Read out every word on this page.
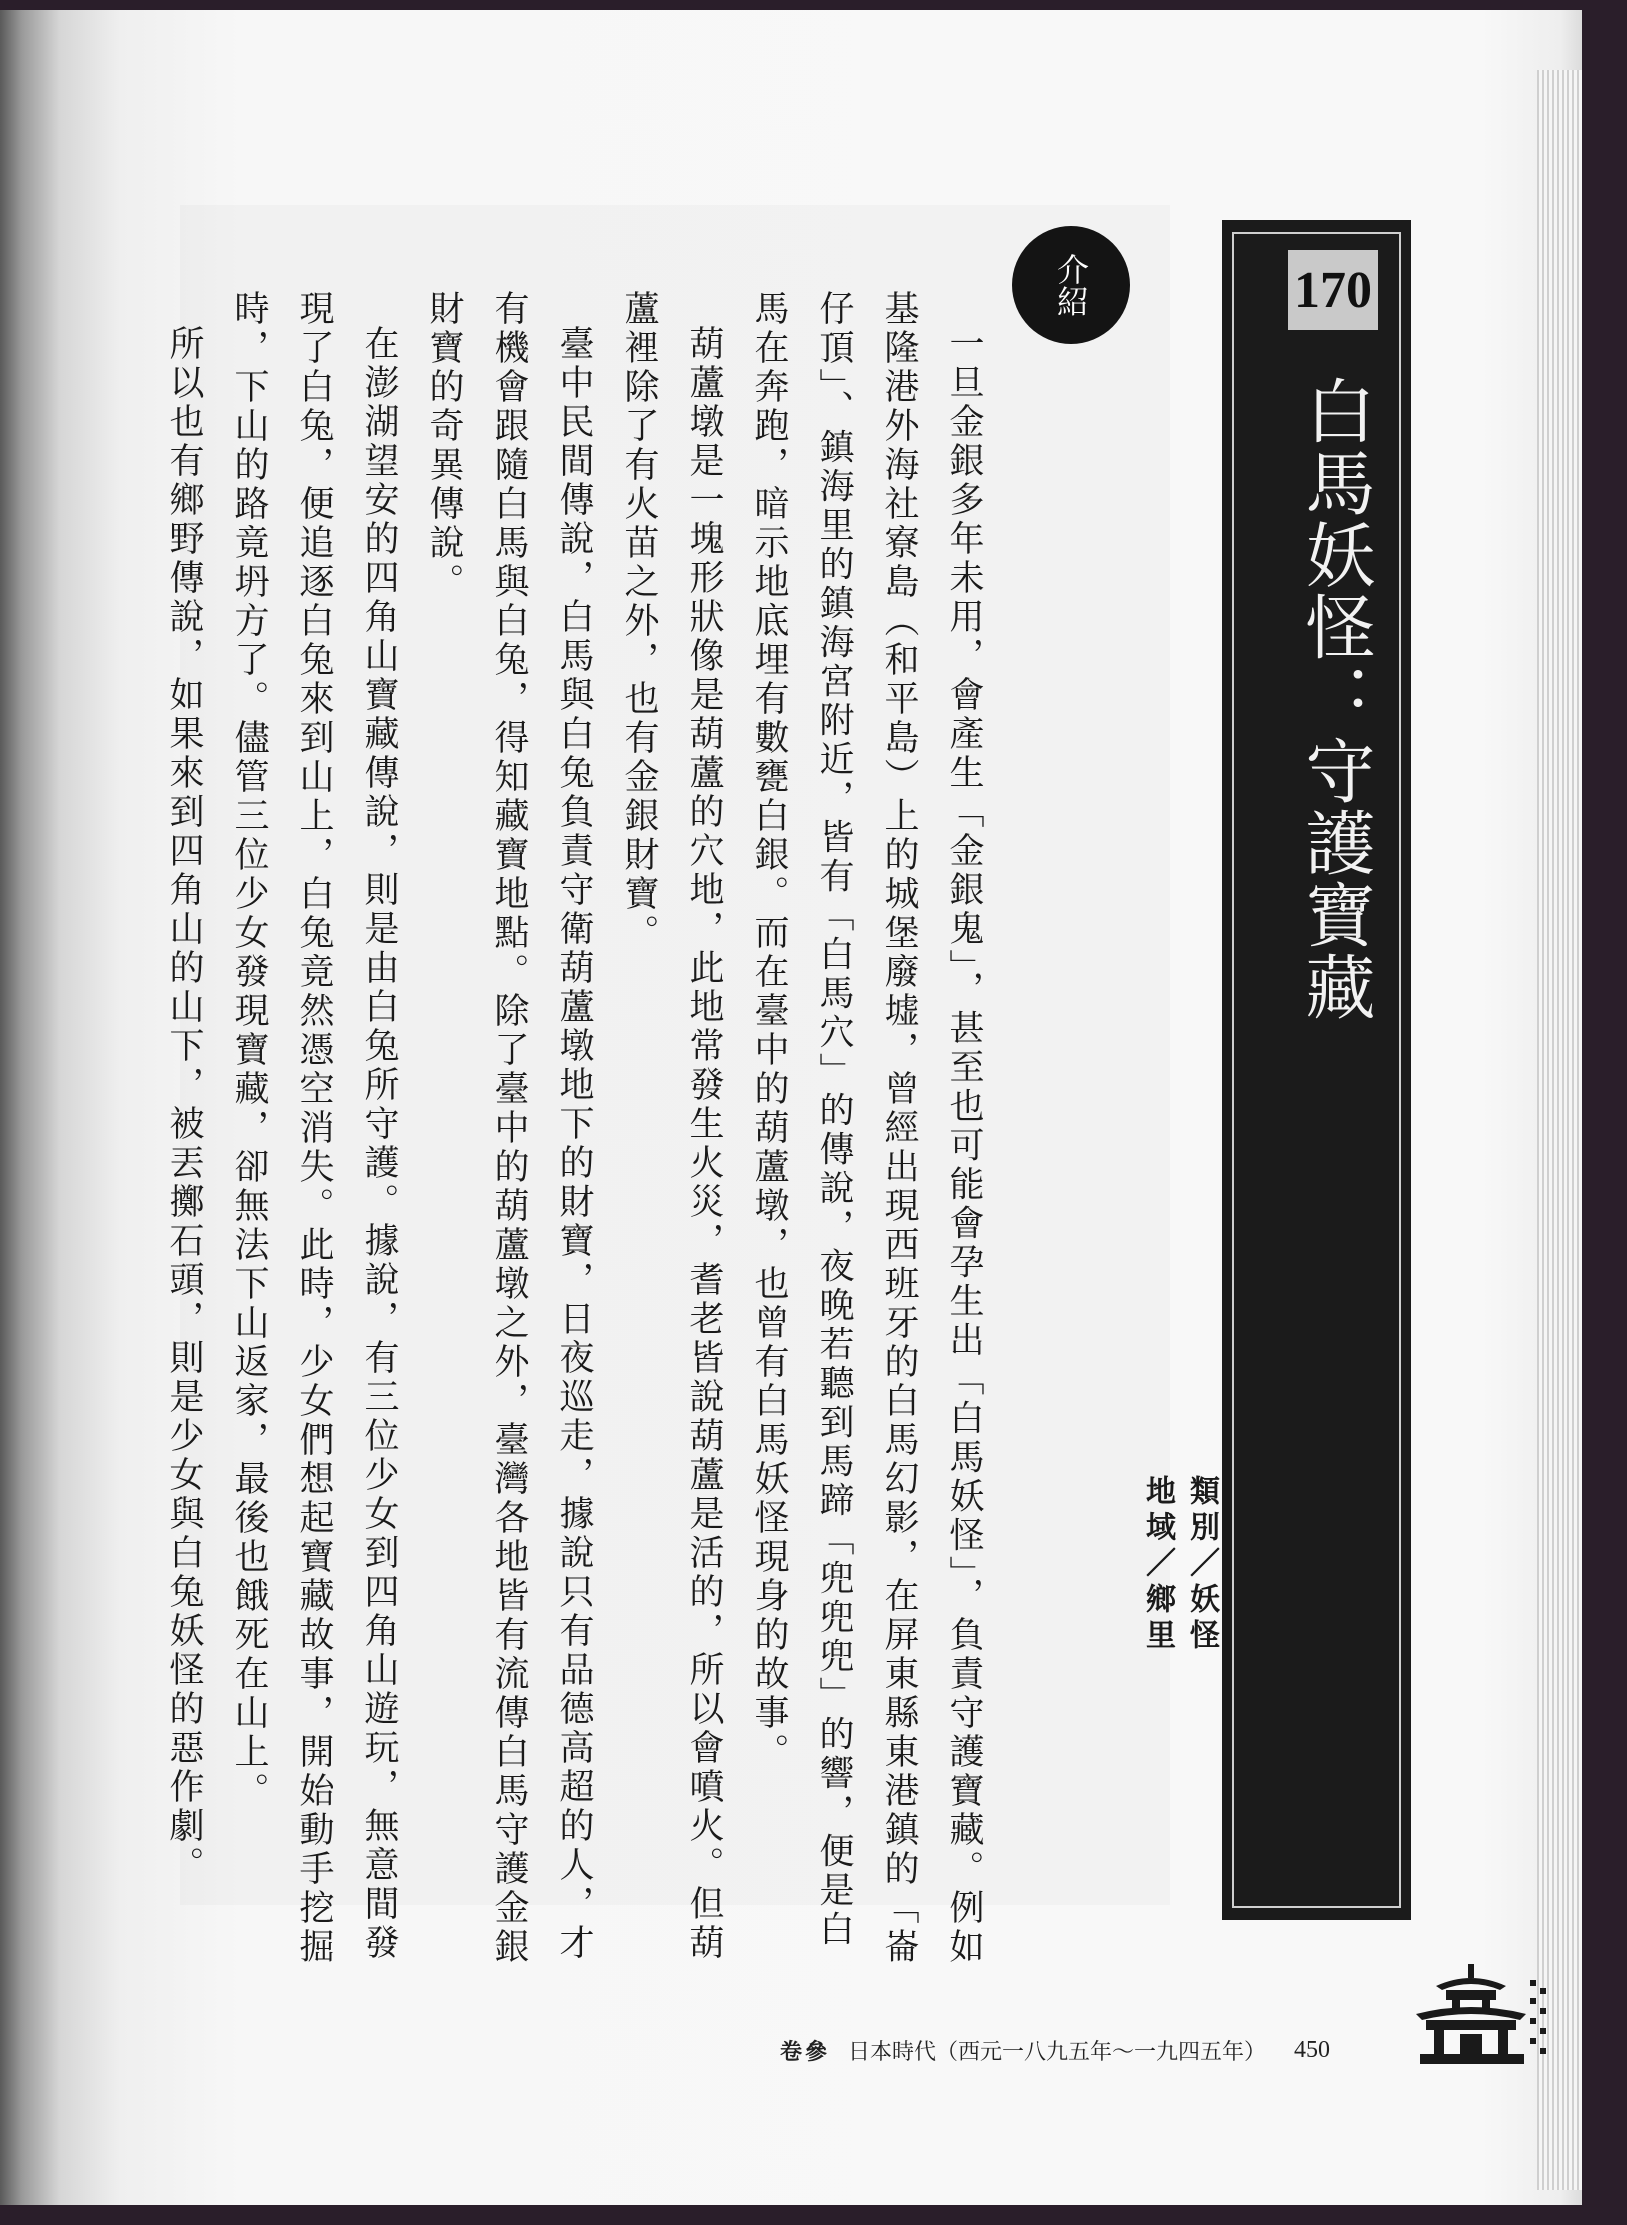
170
白馬妖怪：守護寶藏
介紹

一旦金銀多年未用，會產生「金銀鬼」，甚至也可能會孕生出「白馬妖怪」，負責守護寶藏。例如基隆港外海社寮島（和平島）上的城堡廢墟，曾經出現西班牙的白馬幻影，在屏東縣東港鎮的「崙仔頂」、鎮海里的鎮海宮附近，皆有「白馬穴」的傳說，夜晚若聽到馬蹄「兜兜兜」的響，便是白馬在奔跑，暗示地底埋有數甕白銀。而在臺中的葫蘆墩，也曾有白馬妖怪現身的故事。

葫蘆墩是一塊形狀像是葫蘆的穴地，此地常發生火災，耆老皆說葫蘆是活的，所以會噴火。但葫蘆裡除了有火苗之外，也有金銀財寶。

臺中民間傳說，白馬與白兔負責守衛葫蘆墩地下的財寶，日夜巡走，據說只有品德高超的人，才有機會跟隨白馬與白兔，得知藏寶地點。除了臺中的葫蘆墩之外，臺灣各地皆有流傳白馬守護金銀財寶的奇異傳說。

在澎湖望安的四角山寶藏傳說，則是由白兔所守護。據說，有三位少女到四角山遊玩，無意間發現了白兔，便追逐白兔來到山上，白兔竟然憑空消失。此時，少女們想起寶藏故事，開始動手挖掘時，下山的路竟坍方了。儘管三位少女發現寶藏，卻無法下山返家，最後也餓死在山上。

所以也有鄉野傳說，如果來到四角山的山下，被丟擲石頭，則是少女與白兔妖怪的惡作劇。	類別／妖怪
地域／鄉里
卷參 日本時代（西元一八九五年～一九四五年） 450
